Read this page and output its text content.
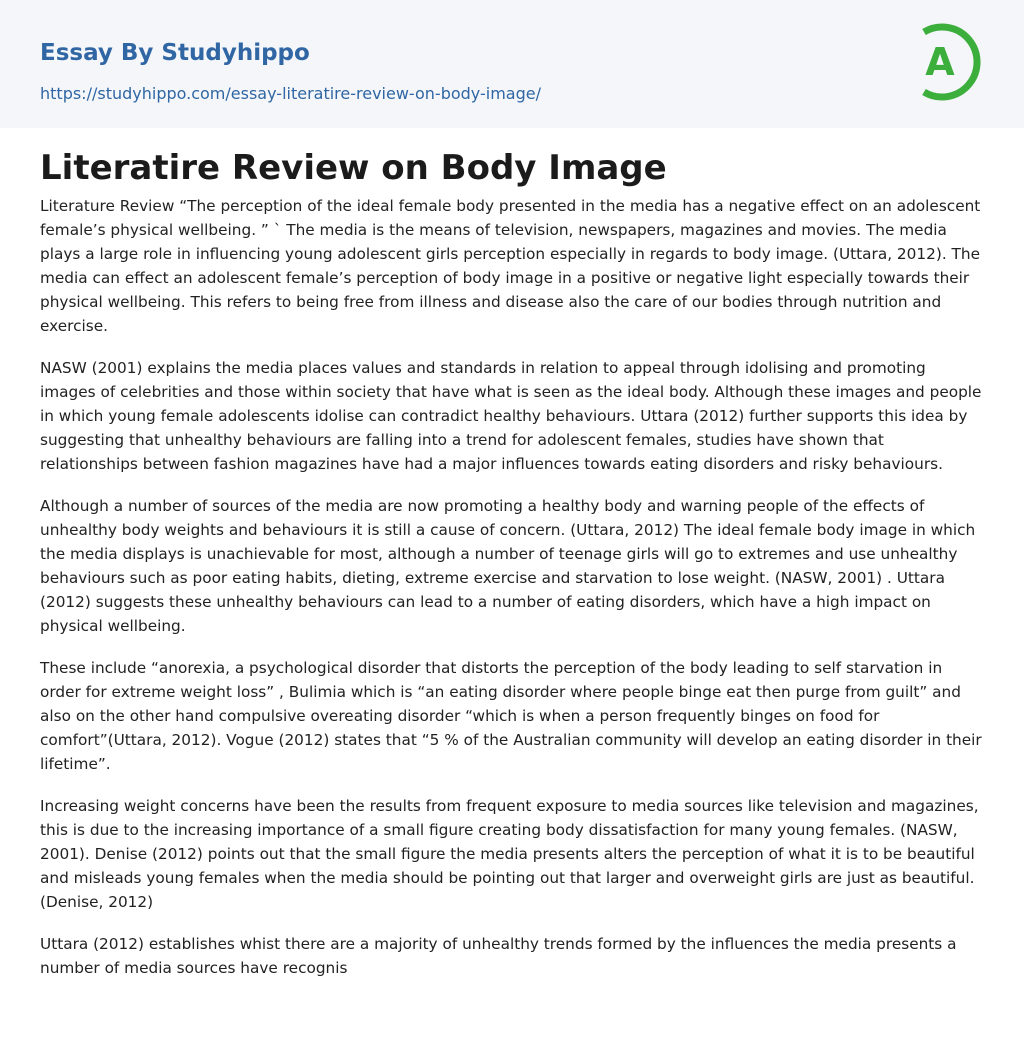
Essay By Studyhippo
https://studyhippo.com/essay-literatire-review-on-body-image/
A
Literatire Review on Body Image

Literature Review “The perception of the ideal female body presented in the media has a negative effect on an adolescent female’s physical wellbeing. ” ` The media is the means of television, newspapers, magazines and movies. The media plays a large role in influencing young adolescent girls perception especially in regards to body image. (Uttara, 2012). The media can effect an adolescent female’s perception of body image in a positive or negative light especially towards their physical wellbeing. This refers to being free from illness and disease also the care of our bodies through nutrition and exercise.

NASW (2001) explains the media places values and standards in relation to appeal through idolising and promoting images of celebrities and those within society that have what is seen as the ideal body. Although these images and people in which young female adolescents idolise can contradict healthy behaviours. Uttara (2012) further supports this idea by suggesting that unhealthy behaviours are falling into a trend for adolescent females, studies have shown that relationships between fashion magazines have had a major influences towards eating disorders and risky behaviours.

Although a number of sources of the media are now promoting a healthy body and warning people of the effects of unhealthy body weights and behaviours it is still a cause of concern. (Uttara, 2012) The ideal female body image in which the media displays is unachievable for most, although a number of teenage girls will go to extremes and use unhealthy behaviours such as poor eating habits, dieting, extreme exercise and starvation to lose weight. (NASW, 2001) . Uttara (2012) suggests these unhealthy behaviours can lead to a number of eating disorders, which have a high impact on physical wellbeing.

These include “anorexia, a psychological disorder that distorts the perception of the body leading to self starvation in order for extreme weight loss” , Bulimia which is “an eating disorder where people binge eat then purge from guilt” and also on the other hand compulsive overeating disorder “which is when a person frequently binges on food for comfort”(Uttara, 2012). Vogue (2012) states that “5 % of the Australian community will develop an eating disorder in their lifetime”.

Increasing weight concerns have been the results from frequent exposure to media sources like television and magazines, this is due to the increasing importance of a small figure creating body dissatisfaction for many young females. (NASW, 2001). Denise (2012) points out that the small figure the media presents alters the perception of what it is to be beautiful and misleads young females when the media should be pointing out that larger and overweight girls are just as beautiful. (Denise, 2012)

Uttara (2012) establishes whist there are a majority of unhealthy trends formed by the influences the media presents a number of media sources have recognis
